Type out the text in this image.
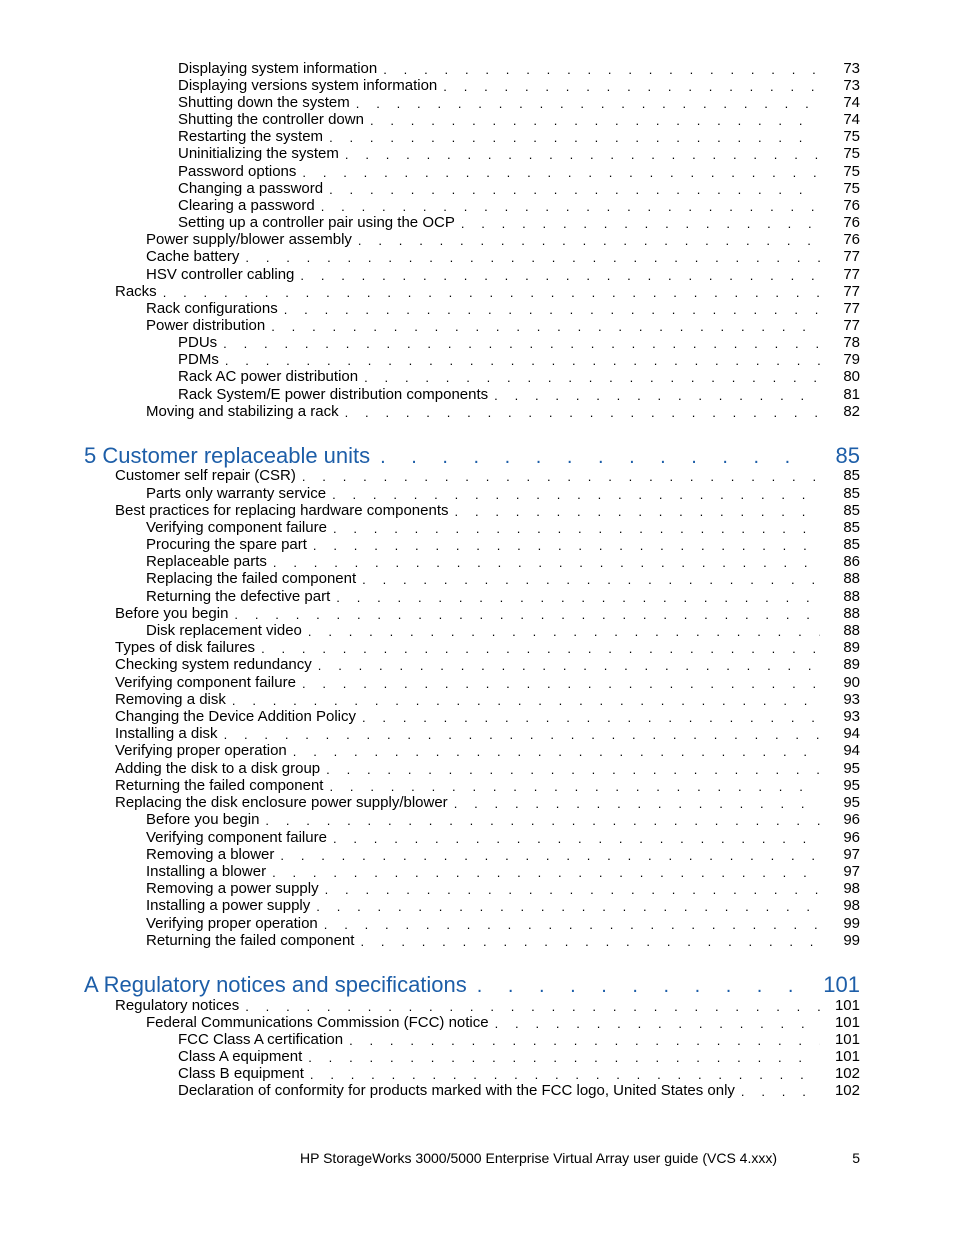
Displaying system information . . .	73
Displaying versions system information . . .	73
Shutting down the system . . .	74
Shutting the controller down . . .	74
Restarting the system . . .	75
Uninitializing the system . . .	75
Password options . . .	75
Changing a password . . .	75
Clearing a password . . .	76
Setting up a controller pair using the OCP . . .	76
Power supply/blower assembly . . .	76
Cache battery . . .	77
HSV controller cabling . . .	77
Racks . . .	77
Rack configurations . . .	77
Power distribution . . .	77
PDUs . . .	78
PDMs . . .	79
Rack AC power distribution . . .	80
Rack System/E power distribution components . . .	81
Moving and stabilizing a rack . . .	82
5 Customer replaceable units . . .	85
Customer self repair (CSR) . . .	85
Parts only warranty service . . .	85
Best practices for replacing hardware components . . .	85
Verifying component failure . . .	85
Procuring the spare part . . .	85
Replaceable parts . . .	86
Replacing the failed component . . .	88
Returning the defective part . . .	88
Before you begin . . .	88
Disk replacement video . . .	88
Types of disk failures . . .	89
Checking system redundancy . . .	89
Verifying component failure . . .	90
Removing a disk . . .	93
Changing the Device Addition Policy . . .	93
Installing a disk . . .	94
Verifying proper operation . . .	94
Adding the disk to a disk group . . .	95
Returning the failed component . . .	95
Replacing the disk enclosure power supply/blower . . .	95
Before you begin . . .	96
Verifying component failure . . .	96
Removing a blower . . .	97
Installing a blower . . .	97
Removing a power supply . . .	98
Installing a power supply . . .	98
Verifying proper operation . . .	99
Returning the failed component . . .	99
A Regulatory notices and specifications . . .	101
Regulatory notices . . .	101
Federal Communications Commission (FCC) notice . . .	101
FCC Class A certification . . .	101
Class A equipment . . .	101
Class B equipment . . .	102
Declaration of conformity for products marked with the FCC logo, United States only . . .	102
HP StorageWorks 3000/5000 Enterprise Virtual Array user guide (VCS 4.xxx)	5
